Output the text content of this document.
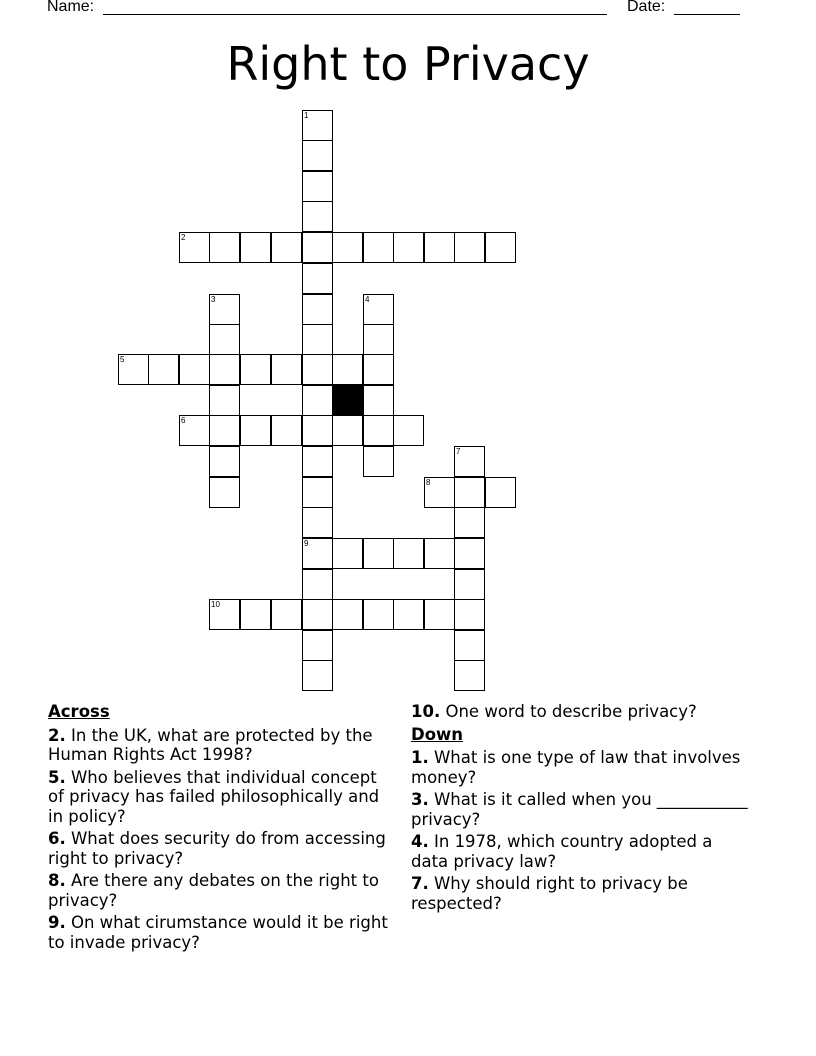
Name:	Date:
Right to Privacy
1
2
3	4
5
6
7
8
9
10
Across
2. In the UK, what are protected by the Human Rights Act 1998?
5. Who believes that individual concept of privacy has failed philosophically and in policy?
6. What does security do from accessing right to privacy?
8. Are there any debates on the right to privacy?
9. On what cirumstance would it be right to invade privacy?
10. One word to describe privacy?
Down
1. What is one type of law that involves money?
3. What is it called when you ___________ privacy?
4. In 1978, which country adopted a data privacy law?
7. Why should right to privacy be respected?
